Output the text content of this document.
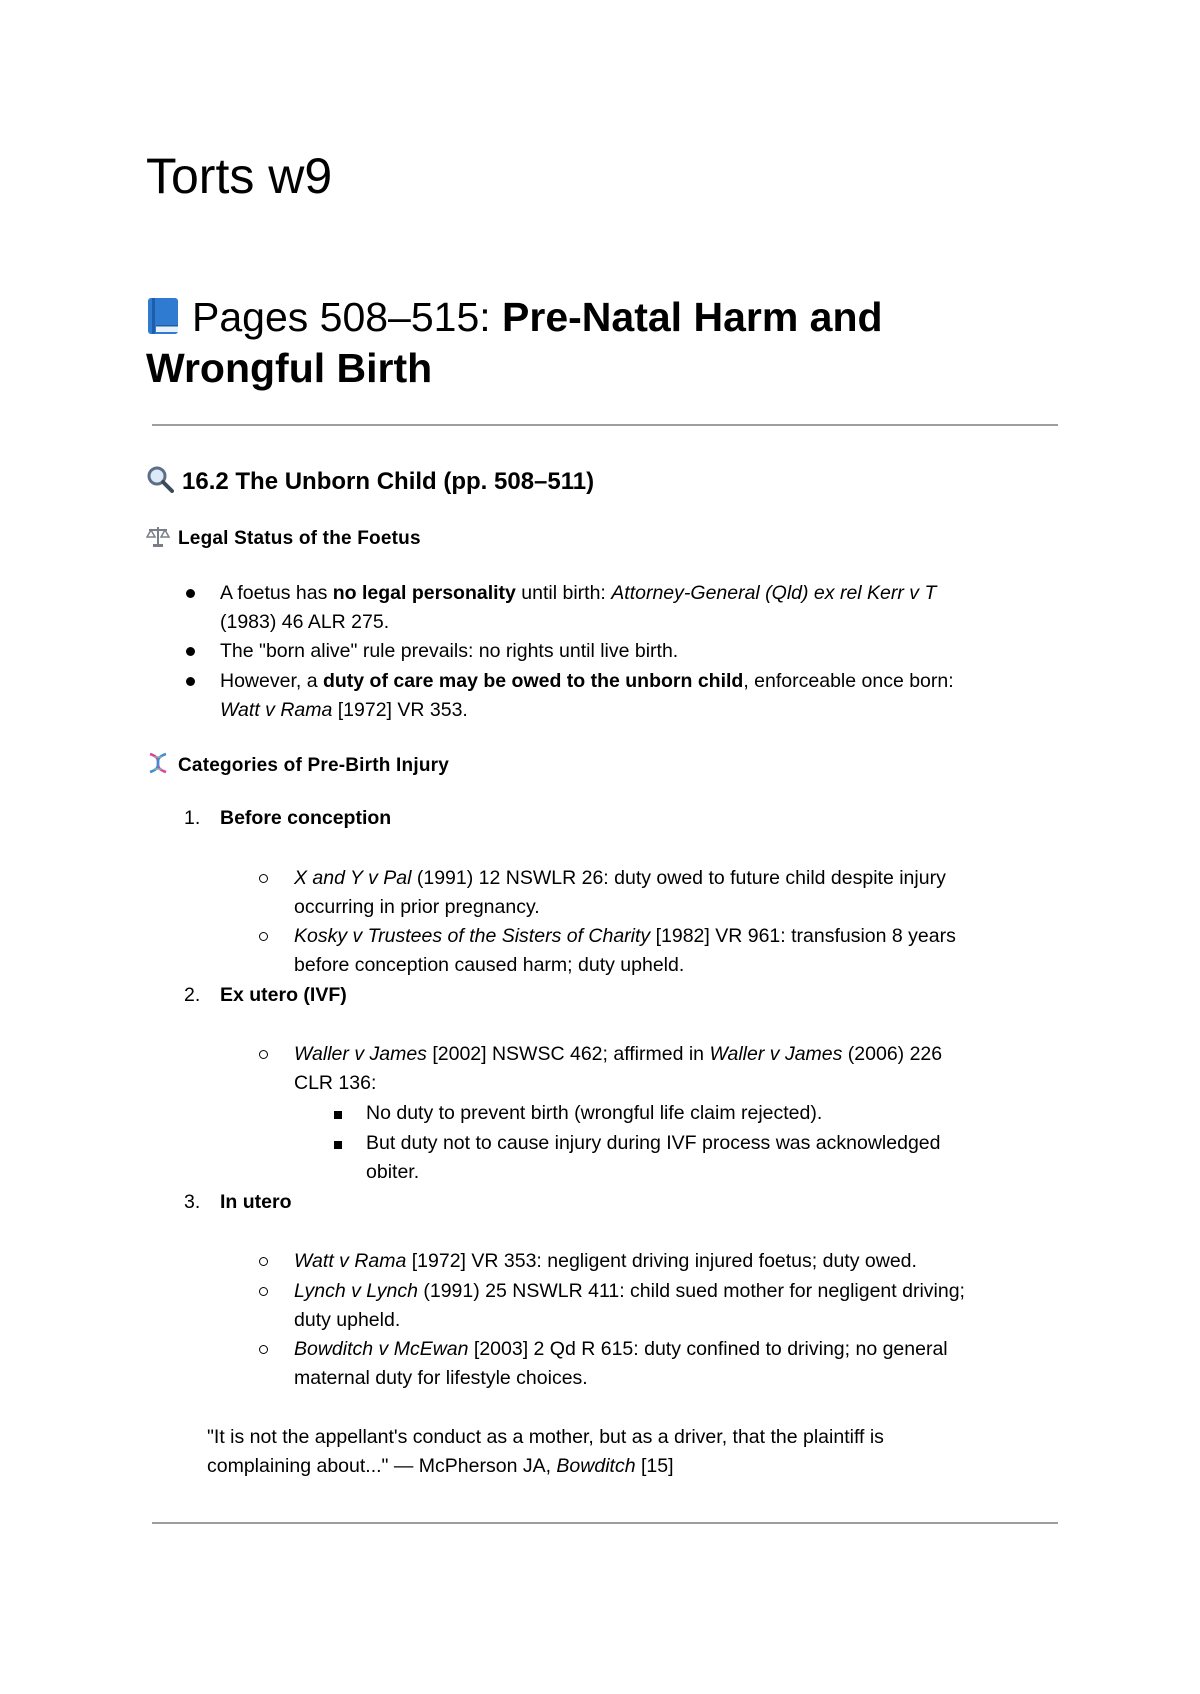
Torts w9
Pages 508–515: Pre-Natal Harm and
Wrongful Birth
16.2 The Unborn Child (pp. 508–511)
Legal Status of the Foetus
A foetus has no legal personality until birth: Attorney-General (Qld) ex rel Kerr v T
(1983) 46 ALR 275.
The "born alive" rule prevails: no rights until live birth.
However, a duty of care may be owed to the unborn child, enforceable once born:
Watt v Rama [1972] VR 353.
Categories of Pre-Birth Injury
1. Before conception
X and Y v Pal (1991) 12 NSWLR 26: duty owed to future child despite injury
occurring in prior pregnancy.
Kosky v Trustees of the Sisters of Charity [1982] VR 961: transfusion 8 years
before conception caused harm; duty upheld.
2. Ex utero (IVF)
Waller v James [2002] NSWSC 462; affirmed in Waller v James (2006) 226
CLR 136:
No duty to prevent birth (wrongful life claim rejected).
But duty not to cause injury during IVF process was acknowledged
obiter.
3. In utero
Watt v Rama [1972] VR 353: negligent driving injured foetus; duty owed.
Lynch v Lynch (1991) 25 NSWLR 411: child sued mother for negligent driving;
duty upheld.
Bowditch v McEwan [2003] 2 Qd R 615: duty confined to driving; no general
maternal duty for lifestyle choices.
"It is not the appellant's conduct as a mother, but as a driver, that the plaintiff is
complaining about..." — McPherson JA, Bowditch [15]
